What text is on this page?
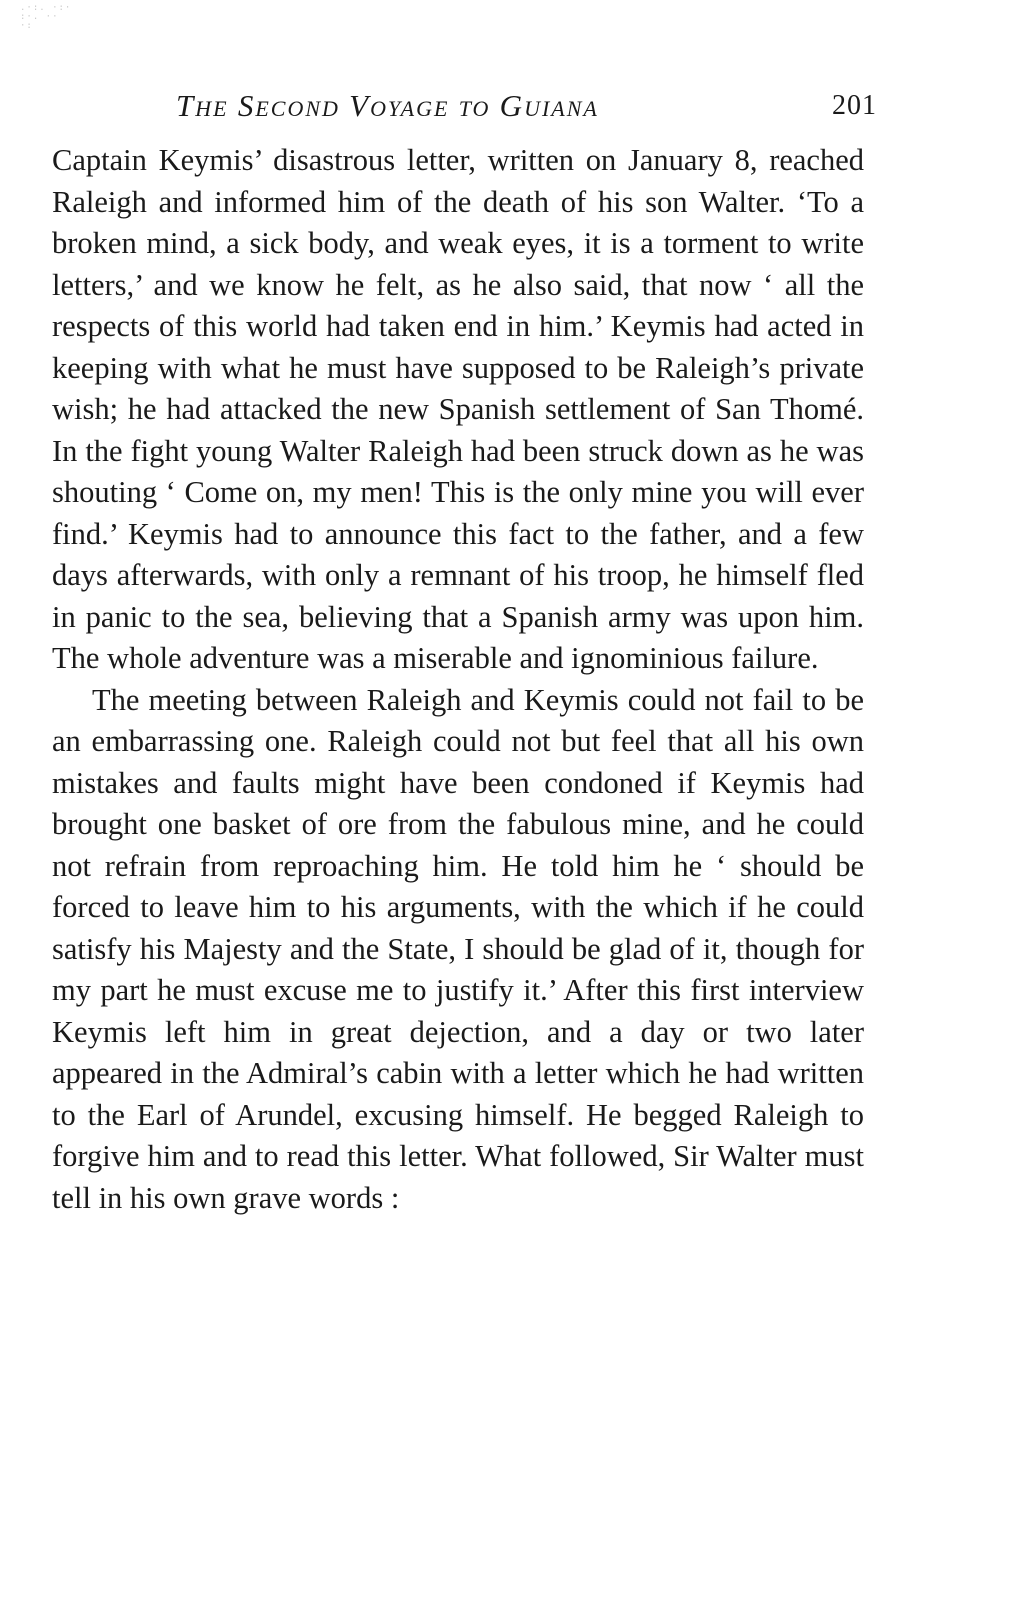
.·:. ·:·
:·. ··
·:
THE SECOND VOYAGE TO GUIANA	201

Captain Keymis’ disastrous letter, written on January 8, reached Raleigh and informed him of the death of his son Walter. ‘To a broken mind, a sick body, and weak eyes, it is a torment to write letters,’ and we know he felt, as he also said, that now ‘ all the respects of this world had taken end in him.’ Keymis had acted in keeping with what he must have supposed to be Raleigh’s private wish; he had attacked the new Spanish settlement of San Thomé. In the fight young Walter Raleigh had been struck down as he was shouting ‘ Come on, my men! This is the only mine you will ever find.’ Keymis had to announce this fact to the father, and a few days afterwards, with only a remnant of his troop, he himself fled in panic to the sea, believing that a Spanish army was upon him. The whole adventure was a miserable and ignominious failure.

The meeting between Raleigh and Keymis could not fail to be an embarrassing one. Raleigh could not but feel that all his own mistakes and faults might have been condoned if Keymis had brought one basket of ore from the fabulous mine, and he could not refrain from reproaching him. He told him he ‘ should be forced to leave him to his arguments, with the which if he could satisfy his Majesty and the State, I should be glad of it, though for my part he must excuse me to justify it.’ After this first interview Keymis left him in great dejection, and a day or two later appeared in the Admiral’s cabin with a letter which he had written to the Earl of Arundel, excusing himself. He begged Raleigh to forgive him and to read this letter. What followed, Sir Walter must tell in his own grave words :
